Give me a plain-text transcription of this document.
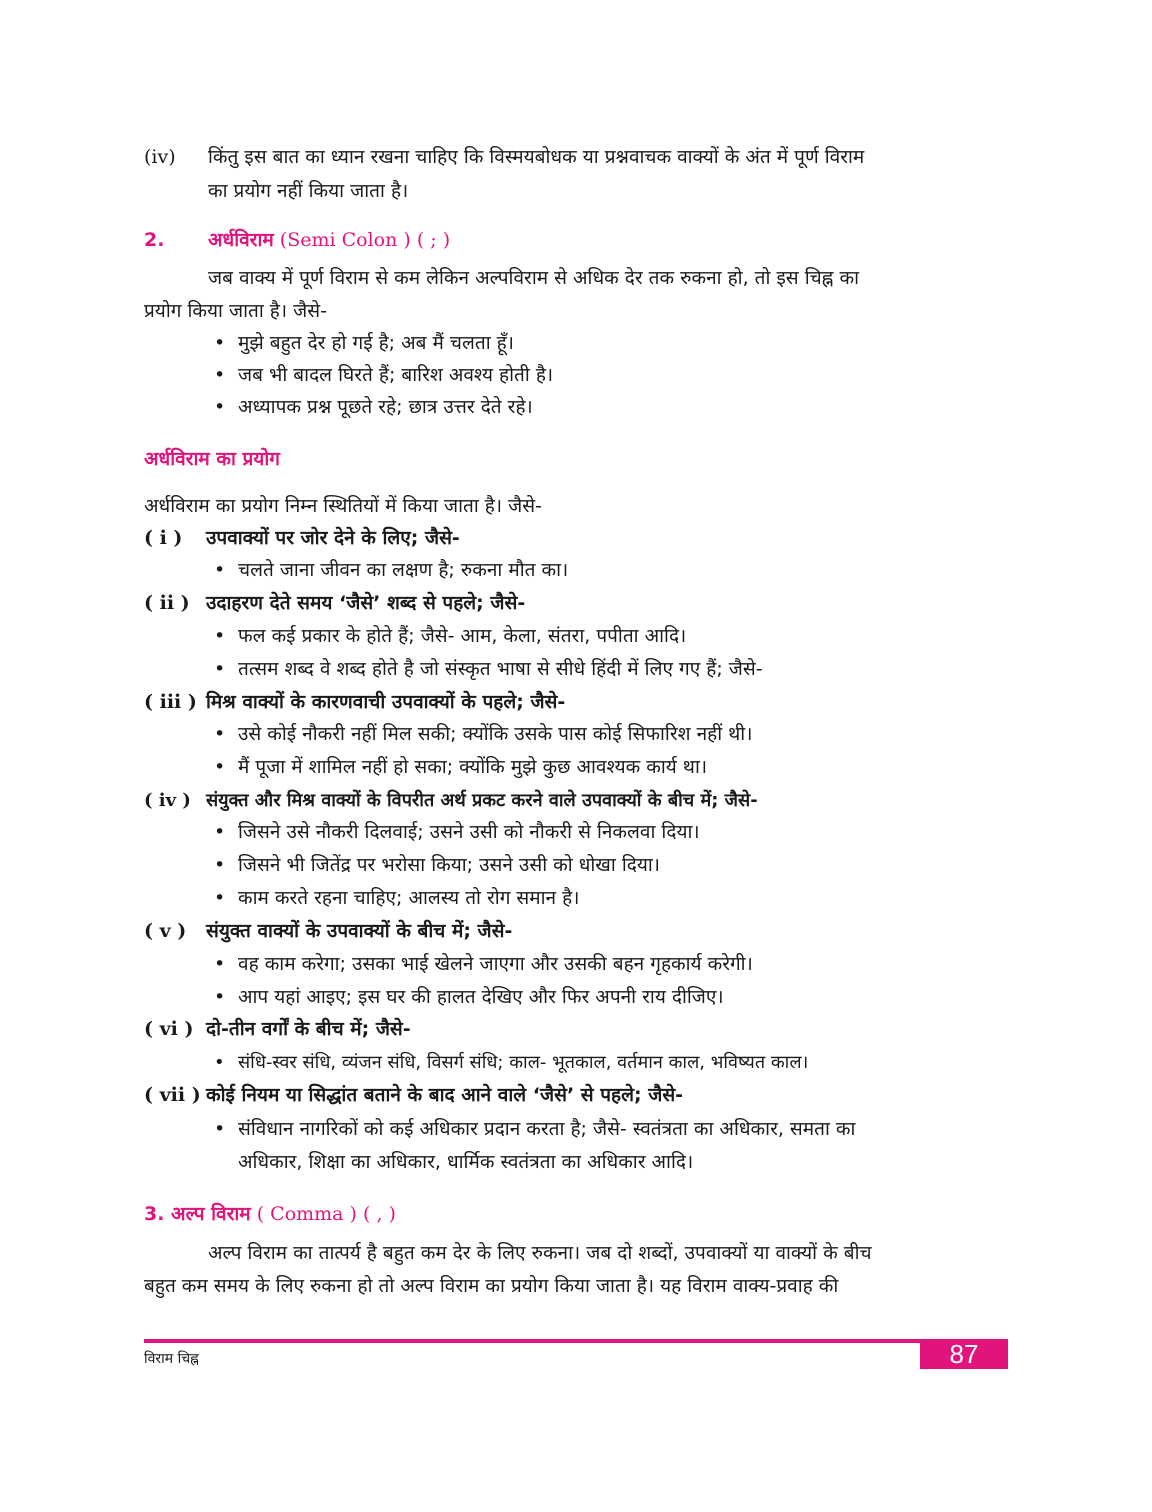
(iv) किंतु इस बात का ध्यान रखना चाहिए कि विस्मयबोधक या प्रश्नवाचक वाक्यों के अंत में पूर्ण विराम
का प्रयोग नहीं किया जाता है।
2. अर्धविराम (Semi Colon ) ( ; )
जब वाक्य में पूर्ण विराम से कम लेकिन अल्पविराम से अधिक देर तक रुकना हो, तो इस चिह्न का
प्रयोग किया जाता है। जैसे-
• मुझे बहुत देर हो गई है; अब मैं चलता हूँ।
• जब भी बादल घिरते हैं; बारिश अवश्य होती है।
• अध्यापक प्रश्न पूछते रहे; छात्र उत्तर देते रहे।
अर्धविराम का प्रयोग
अर्धविराम का प्रयोग निम्न स्थितियों में किया जाता है। जैसे-
( i ) उपवाक्यों पर जोर देने के लिए; जैसे-
• चलते जाना जीवन का लक्षण है; रुकना मौत का।
( ii ) उदाहरण देते समय ‘जैसे’ शब्द से पहले; जैसे-
• फल कई प्रकार के होते हैं; जैसे- आम, केला, संतरा, पपीता आदि।
• तत्सम शब्द वे शब्द होते है जो संस्कृत भाषा से सीधे हिंदी में लिए गए हैं; जैसे-
( iii ) मिश्र वाक्यों के कारणवाची उपवाक्यों के पहले; जैसे-
• उसे कोई नौकरी नहीं मिल सकी; क्योंकि उसके पास कोई सिफारिश नहीं थी।
• मैं पूजा में शामिल नहीं हो सका; क्योंकि मुझे कुछ आवश्यक कार्य था।
( iv ) संयुक्त और मिश्र वाक्यों के विपरीत अर्थ प्रकट करने वाले उपवाक्यों के बीच में; जैसे-
• जिसने उसे नौकरी दिलवाई; उसने उसी को नौकरी से निकलवा दिया।
• जिसने भी जितेंद्र पर भरोसा किया; उसने उसी को धोखा दिया।
• काम करते रहना चाहिए; आलस्य तो रोग समान है।
( v ) संयुक्त वाक्यों के उपवाक्यों के बीच में; जैसे-
• वह काम करेगा; उसका भाई खेलने जाएगा और उसकी बहन गृहकार्य करेगी।
• आप यहां आइए; इस घर की हालत देखिए और फिर अपनी राय दीजिए।
( vi ) दो-तीन वर्गों के बीच में; जैसे-
• संधि-स्वर संधि, व्यंजन संधि, विसर्ग संधि; काल- भूतकाल, वर्तमान काल, भविष्यत काल।
( vii ) कोई नियम या सिद्धांत बताने के बाद आने वाले ‘जैसे’ से पहले; जैसे-
• संविधान नागरिकों को कई अधिकार प्रदान करता है; जैसे- स्वतंत्रता का अधिकार, समता का
अधिकार, शिक्षा का अधिकार, धार्मिक स्वतंत्रता का अधिकार आदि।
3. अल्प विराम ( Comma ) ( , )
अल्प विराम का तात्पर्य है बहुत कम देर के लिए रुकना। जब दो शब्दों, उपवाक्यों या वाक्यों के बीच
बहुत कम समय के लिए रुकना हो तो अल्प विराम का प्रयोग किया जाता है। यह विराम वाक्य-प्रवाह की
87
विराम चिह्न
